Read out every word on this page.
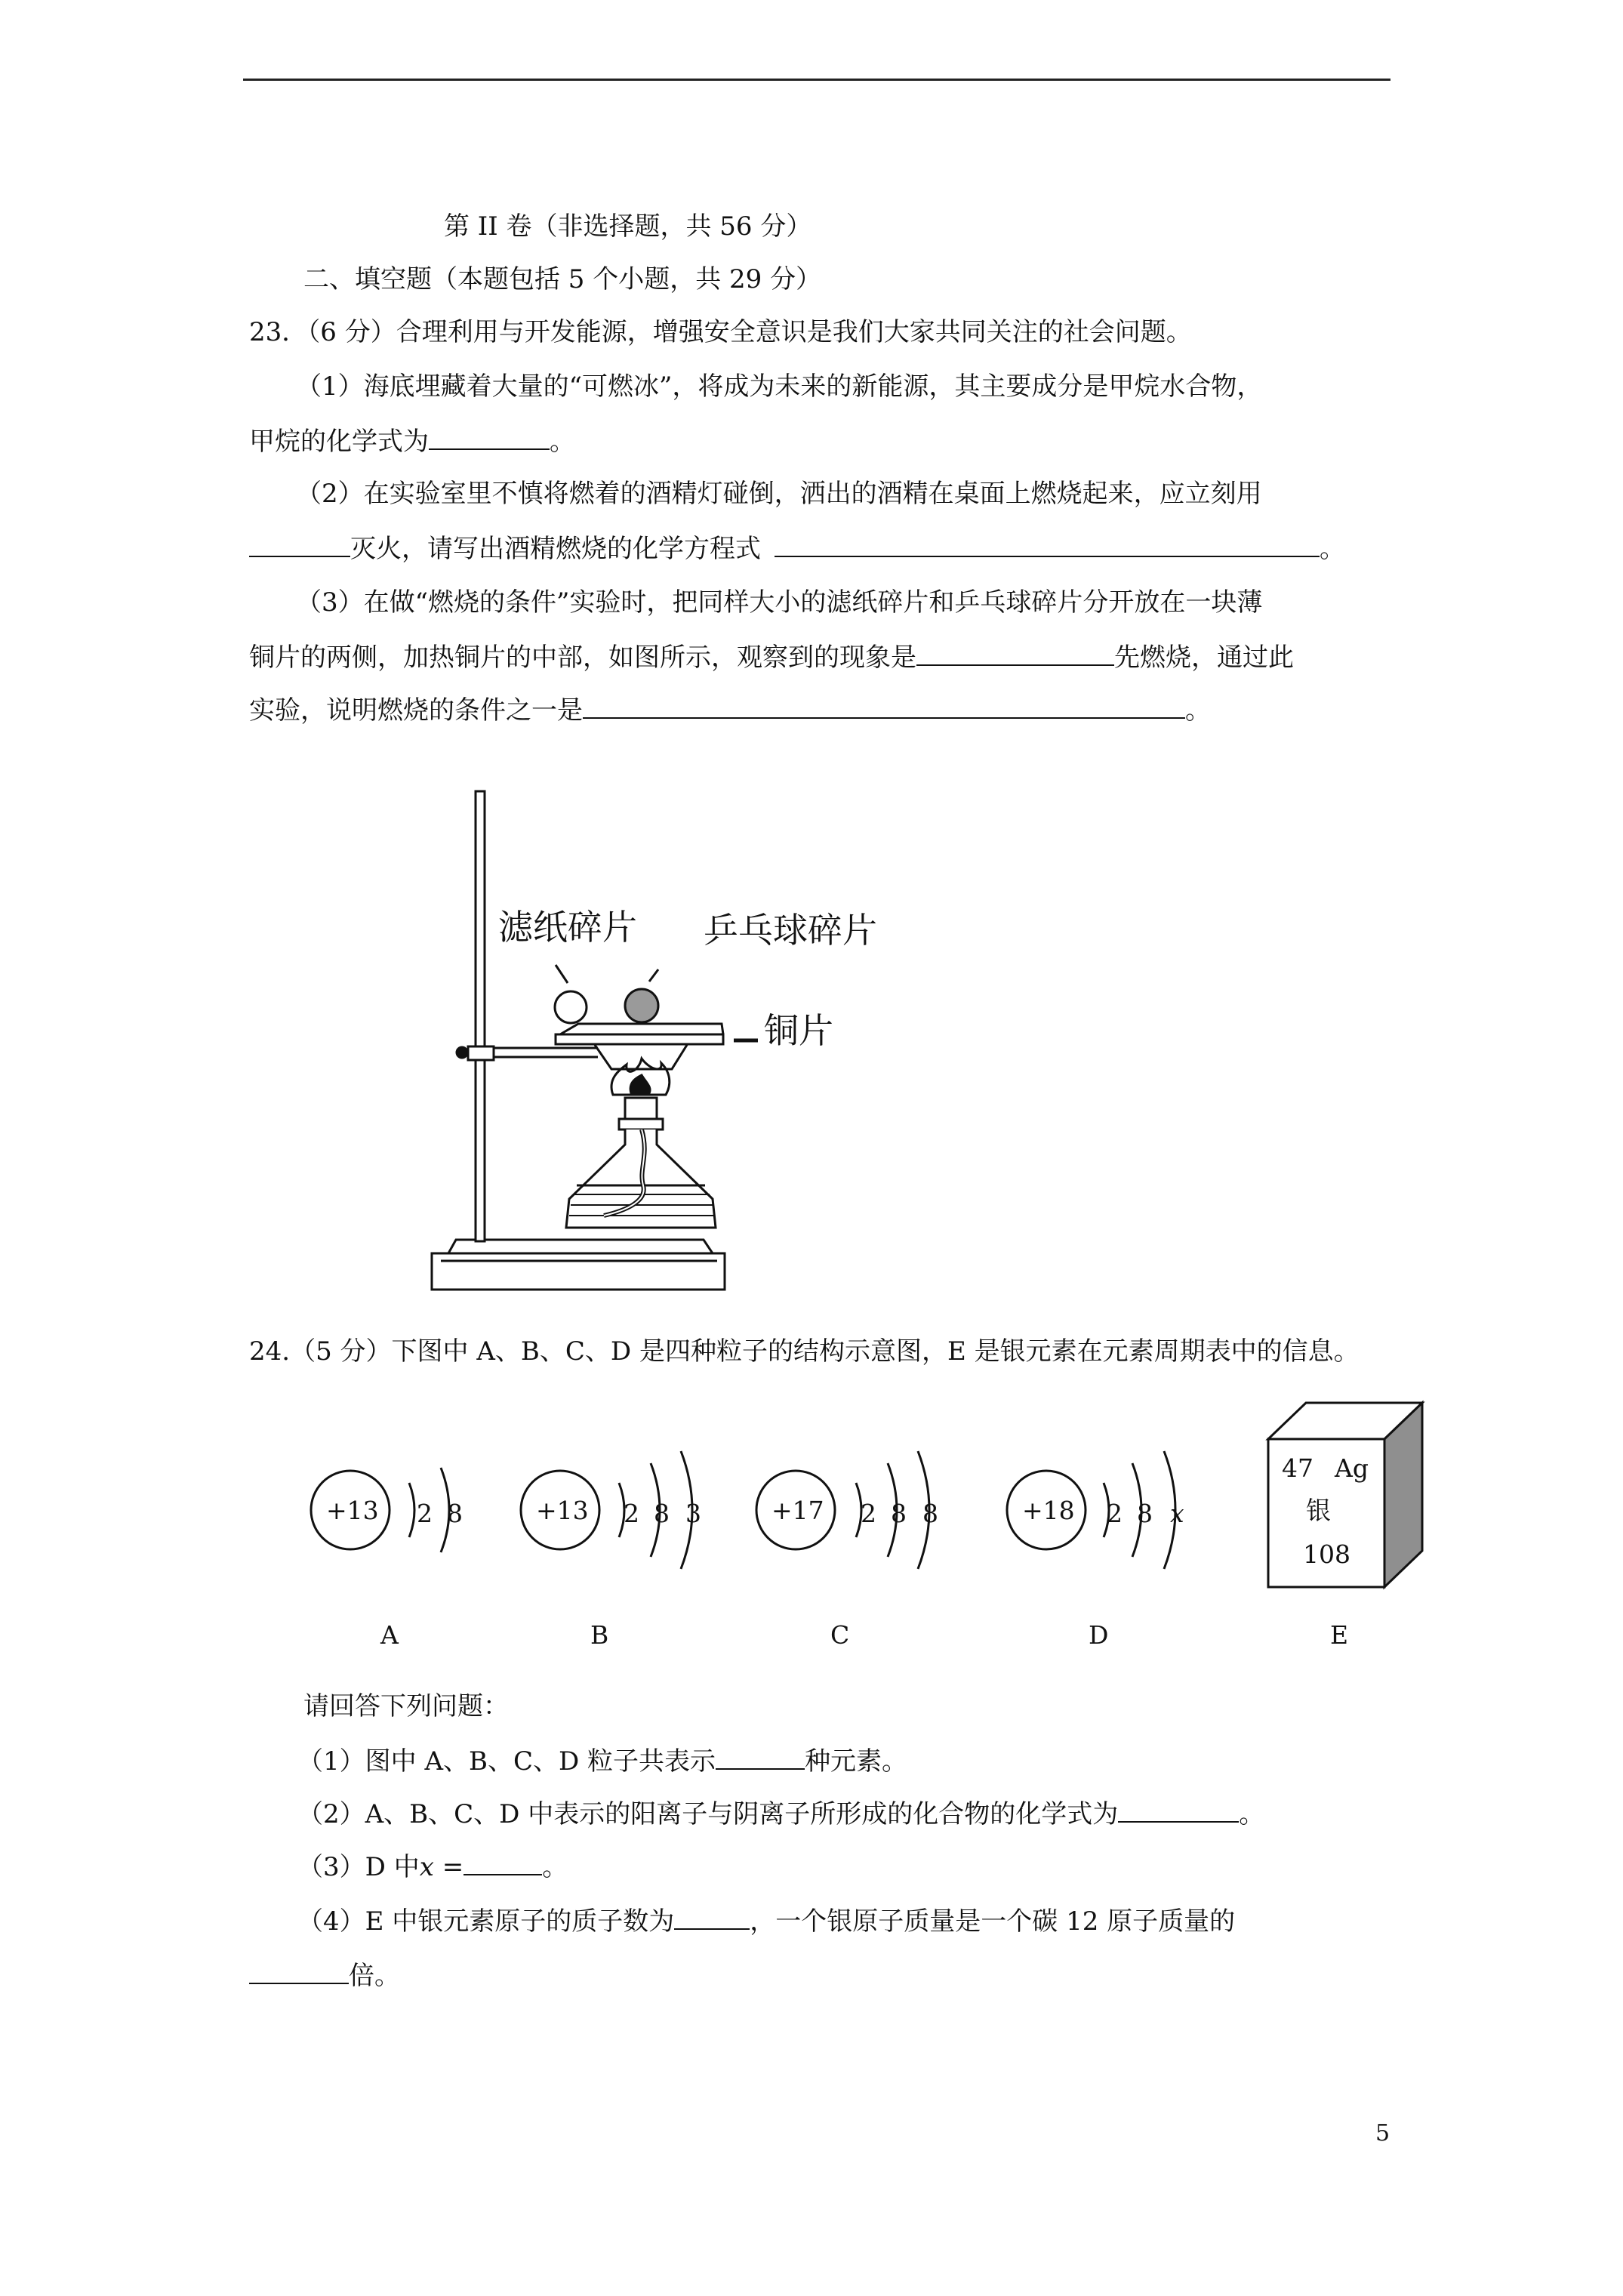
第 II 卷（非选择题，共 56 分）
二、填空题（本题包括 5 个小题，共 29 分）
23．（6 分）合理利用与开发能源，增强安全意识是我们大家共同关注的社会问题。
（1）海底埋藏着大量的“可燃冰”，将成为未来的新能源，其主要成分是甲烷水合物，
甲烷的化学式为	。
（2）在实验室里不慎将燃着的酒精灯碰倒，洒出的酒精在桌面上燃烧起来，应立刻用
灭火，请写出酒精燃烧的化学方程式	。
（3）在做“燃烧的条件”实验时，把同样大小的滤纸碎片和乒乓球碎片分开放在一块薄
铜片的两侧，加热铜片的中部，如图所示，观察到的现象是	先燃烧，通过此
实验，说明燃烧的条件之一是	。
滤纸碎片 乒乓球碎片
铜片
24.（5 分）下图中 A、B、C、D 是四种粒子的结构示意图，E 是银元素在元素周期表中的信息。
+13 2 8	+13 2 8 3	+17 2 8 8	+18 2 8 x
47 Ag
银
108
A	B	C	D	E
请回答下列问题：
（1）图中 A、B、C、D 粒子共表示	种元素。
（2）A、B、C、D 中表示的阳离子与阴离子所形成的化合物的化学式为	。
（3）D 中x =	。
（4）E 中银元素原子的质子数为	，一个银原子质量是一个碳 12 原子质量的
倍。
5
